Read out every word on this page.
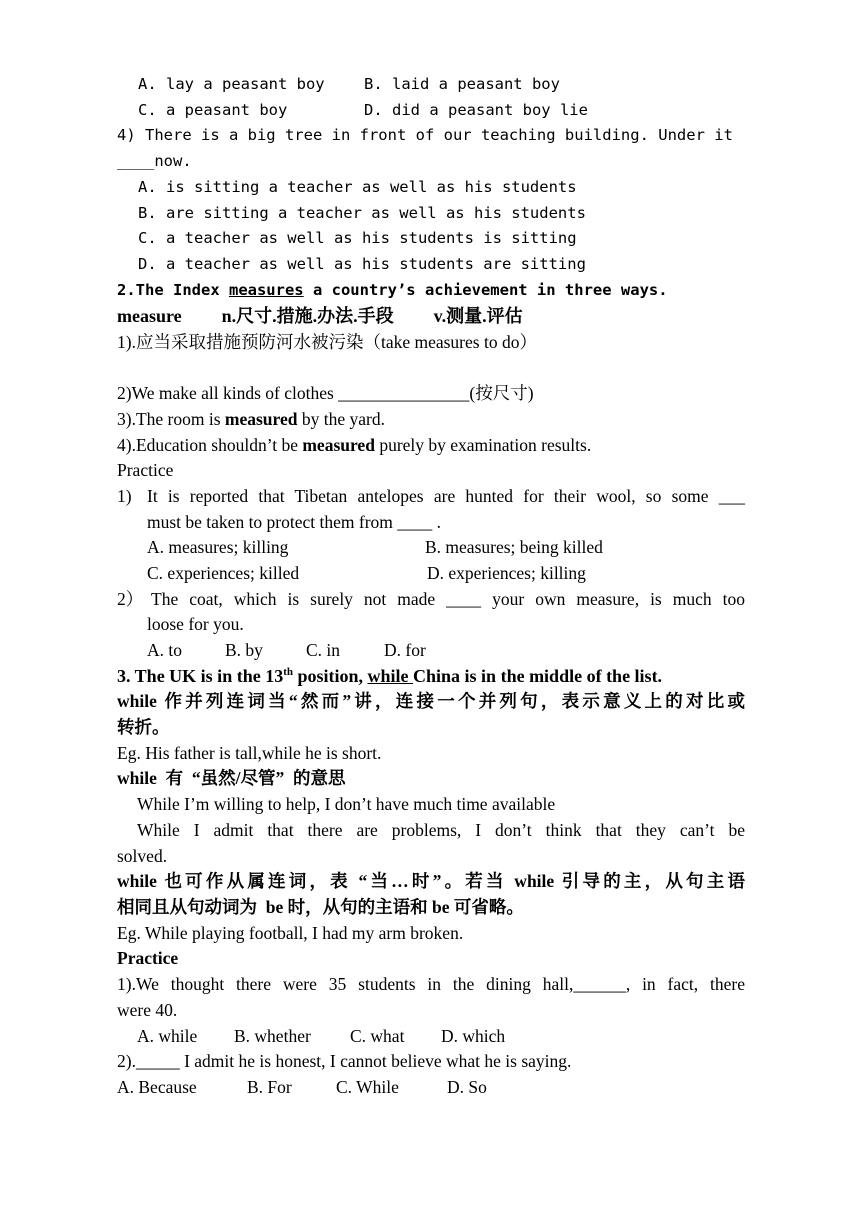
A. lay a peasant boy	B. laid a peasant boy
C. a peasant boy	D. did a peasant boy lie
4) There is a big tree in front of our teaching building. Under it
____now.
A. is sitting a teacher as well as his students
B. are sitting a teacher as well as his students
C. a teacher as well as his students is sitting
D. a teacher as well as his students are sitting
2.The Index measures a country’s achievement in three ways.
measure n.尺寸.措施.办法.手段 v.测量.评估
1).应当采取措施预防河水被污染（take measures to do）
2)We make all kinds of clothes _______________(按尺寸)
3).The room is measured by the yard.
4).Education shouldn’t be measured purely by examination results.
Practice
1) It is reported that Tibetan antelopes are hunted for their wool, so some ___
must be taken to protect them from ____ .
A. measures; killing	B. measures; being killed
C. experiences; killed	D. experiences; killing
2） The coat, which is surely not made ____ your own measure, is much too
loose for you.
A. to B. by C. in	D. for
3. The UK is in the 13th position, while China is in the middle of the list.
while 作并列连词当“然而”讲，连接一个并列句，表示意义上的对比或
转折。
Eg. His father is tall,while he is short.
while  有  “虽然/尽管”  的意思
While I’m willing to help, I don’t have much time available
While I admit that there are problems, I don’t think that they can’t be
solved.
while 也可作从属连词，表 “当…时”。若当 while 引导的主，从句主语
相同且从句动词为  be 时，从句的主语和 be 可省略。
Eg. While playing football, I had my arm broken.
Practice
1).We thought there were 35 students in the dining hall,______, in fact, there
were 40.
A. while B. whether C. what D. which
2)._____ I admit he is honest, I cannot believe what he is saying.
A. Because	B. For	C. While	D. So
